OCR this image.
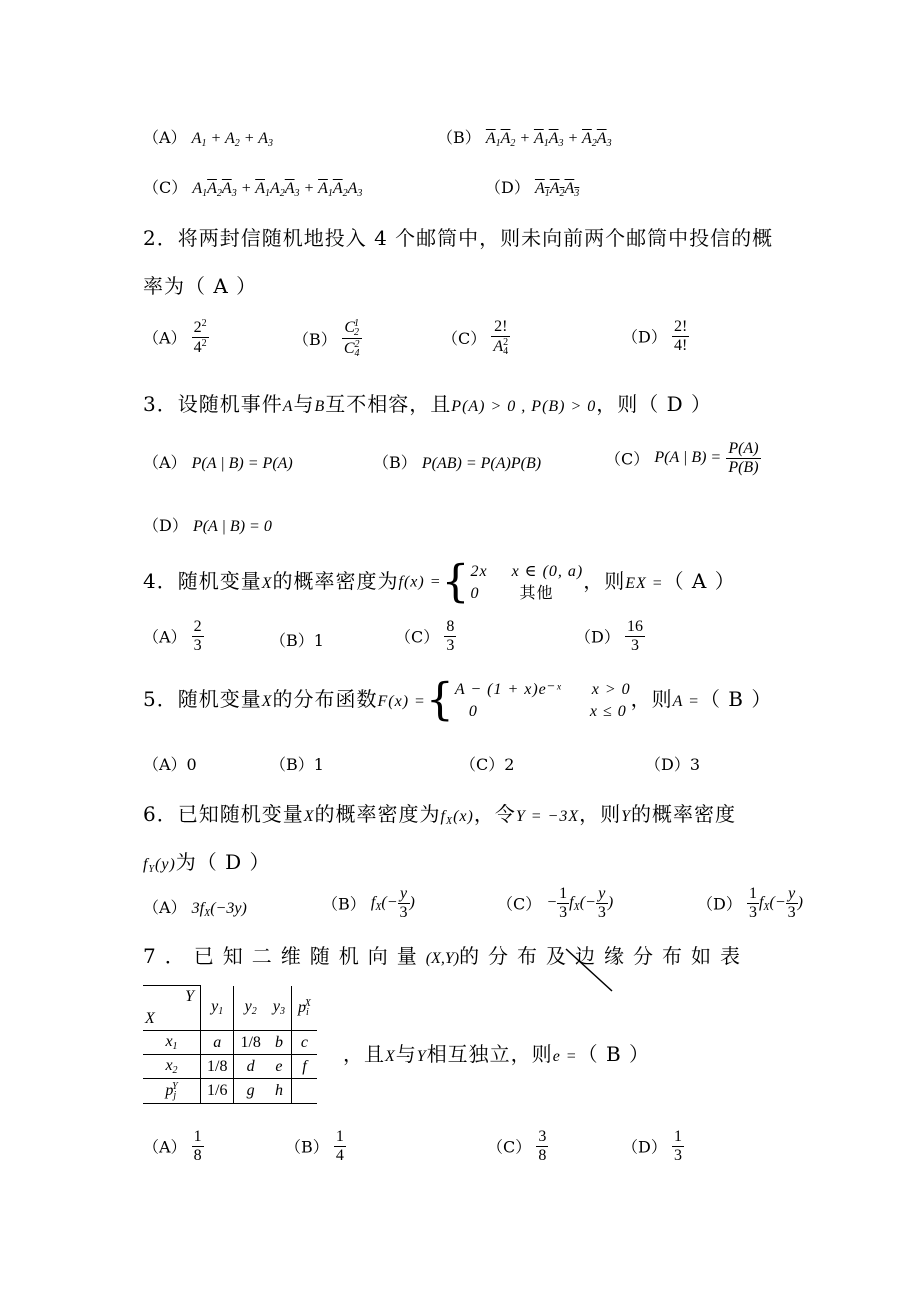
（A） $A_1 + A_2 + A_3$	（B） $\overline{A}_1\overline{A}_2 + \overline{A}_1\overline{A}_3 + \overline{A}_2\overline{A}_3$
（C） $A_1\overline{A}_2\overline{A}_3 + \overline{A}_1A_2\overline{A}_3 + \overline{A}_1\overline{A}_2A_3$	（D） $A_1A_2A_3$
2．将两封信随机地投入 4 个邮筒中，则未向前两个邮筒中投信的概
率为（ A ）
$(A) \frac{2^2}{4^2}$	$(B) \frac{C_2^1}{C_4^2}$	$(C) \frac{2!}{A_4^2}$	$(D) \frac{2!}{4!}$
3．设随机事件A与B互不相容，且P(A) > 0 , P(B) > 0，则（ D ）
（A） P(A | B) = P(A)	（B） P(AB) = P(A)P(B)	（C） P(A | $B) = \frac{P(A)}{P(B)}$
（D） P(A | B) = 0
4．随机变量X的概率密度为f(x) ={ 2x x ∈ (0, a)
0	其他	，则EX =（ A ）
$(A) \frac{2}{3}$	（B）1	$(C) \frac{8}{3}$	$(D) \frac{16}{3}$
5．随机变量X的分布函数F(x) ={ A − (1 + x)e⁻ˣ x > 0
0	x ≤ 0 ，则A =（ B ）
（A）0	（B）1	（C）2	（D）3
6．已知随机变量X的概率密度为$f_X(x)$，令Y = −3X，则Y的概率密度
$f_Y(y)$为（ D ）
（A） $3f_X(-3y)$	（B） $f_X(- \frac{y}{3}$ )	$(C) - \frac{1}{3} f_X(- \frac{y}{3}$ )	$(D) \frac{1}{3} f_X(- \frac{y}{3}$ )
7．已知二维随机向量(X,Y)的分布及边缘分布如表
Y
X	$y_1$	$y_2$	$y_3$	$p_i^X$
$x_1$	a	1/8	b	c
$x_2$	1/8	d	e	f
$p_j^Y$	1/6	g	h	
，且X与Y相互独立，则e =（ B ）
$(A) \frac{1}{8}$	$(B) \frac{1}{4}$	$(C) \frac{3}{8}$	$(D) \frac{1}{3}$
